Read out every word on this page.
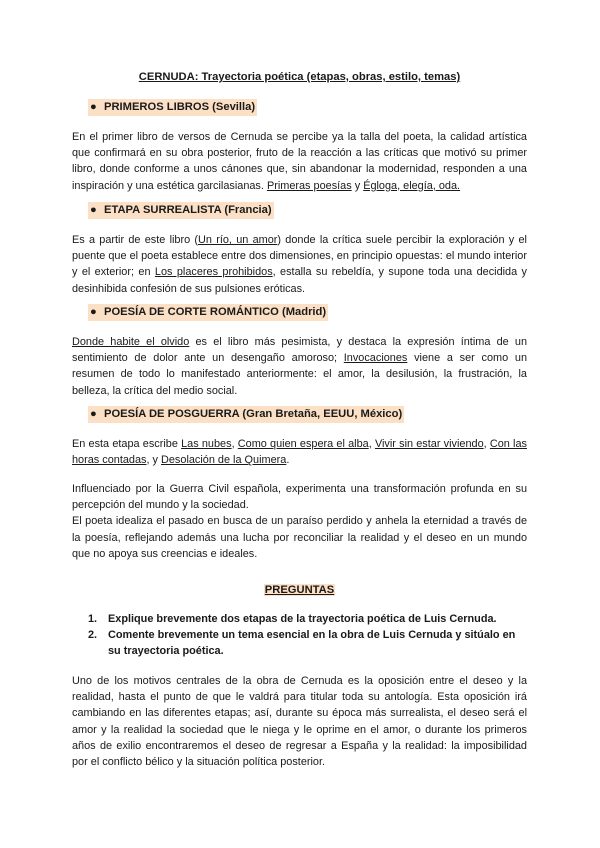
CERNUDA: Trayectoria poética (etapas, obras, estilo, temas)
● PRIMEROS LIBROS (Sevilla)
En el primer libro de versos de Cernuda se percibe ya la talla del poeta, la calidad artística que confirmará en su obra posterior, fruto de la reacción a las críticas que motivó su primer libro, donde conforme a unos cánones que, sin abandonar la modernidad, responden a una inspiración y una estética garcilasianas. Primeras poesías y Égloga, elegía, oda.
● ETAPA SURREALISTA (Francia)
Es a partir de este libro (Un río, un amor) donde la crítica suele percibir la exploración y el puente que el poeta establece entre dos dimensiones, en principio opuestas: el mundo interior y el exterior; en Los placeres prohibidos, estalla su rebeldía, y supone toda una decidida y desinhibida confesión de sus pulsiones eróticas.
● POESÍA DE CORTE ROMÁNTICO (Madrid)
Donde habite el olvido es el libro más pesimista, y destaca la expresión íntima de un sentimiento de dolor ante un desengaño amoroso; Invocaciones viene a ser como un resumen de todo lo manifestado anteriormente: el amor, la desilusión, la frustración, la belleza, la crítica del medio social.
● POESÍA DE POSGUERRA (Gran Bretaña, EEUU, México)
En esta etapa escribe Las nubes, Como quien espera el alba, Vivir sin estar viviendo, Con las horas contadas, y Desolación de la Quimera.
Influenciado por la Guerra Civil española, experimenta una transformación profunda en su percepción del mundo y la sociedad.
El poeta idealiza el pasado en busca de un paraíso perdido y anhela la eternidad a través de la poesía, reflejando además una lucha por reconciliar la realidad y el deseo en un mundo que no apoya sus creencias e ideales.
PREGUNTAS
1.	Explique brevemente dos etapas de la trayectoria poética de Luis Cernuda.
2.	Comente brevemente un tema esencial en la obra de Luis Cernuda y sitúalo en su trayectoria poética.
Uno de los motivos centrales de la obra de Cernuda es la oposición entre el deseo y la realidad, hasta el punto de que le valdrá para titular toda su antología. Esta oposición irá cambiando en las diferentes etapas; así, durante su época más surrealista, el deseo será el amor y la realidad la sociedad que le niega y le oprime en el amor, o durante los primeros años de exilio encontraremos el deseo de regresar a España y la realidad: la imposibilidad por el conflicto bélico y la situación política posterior.
